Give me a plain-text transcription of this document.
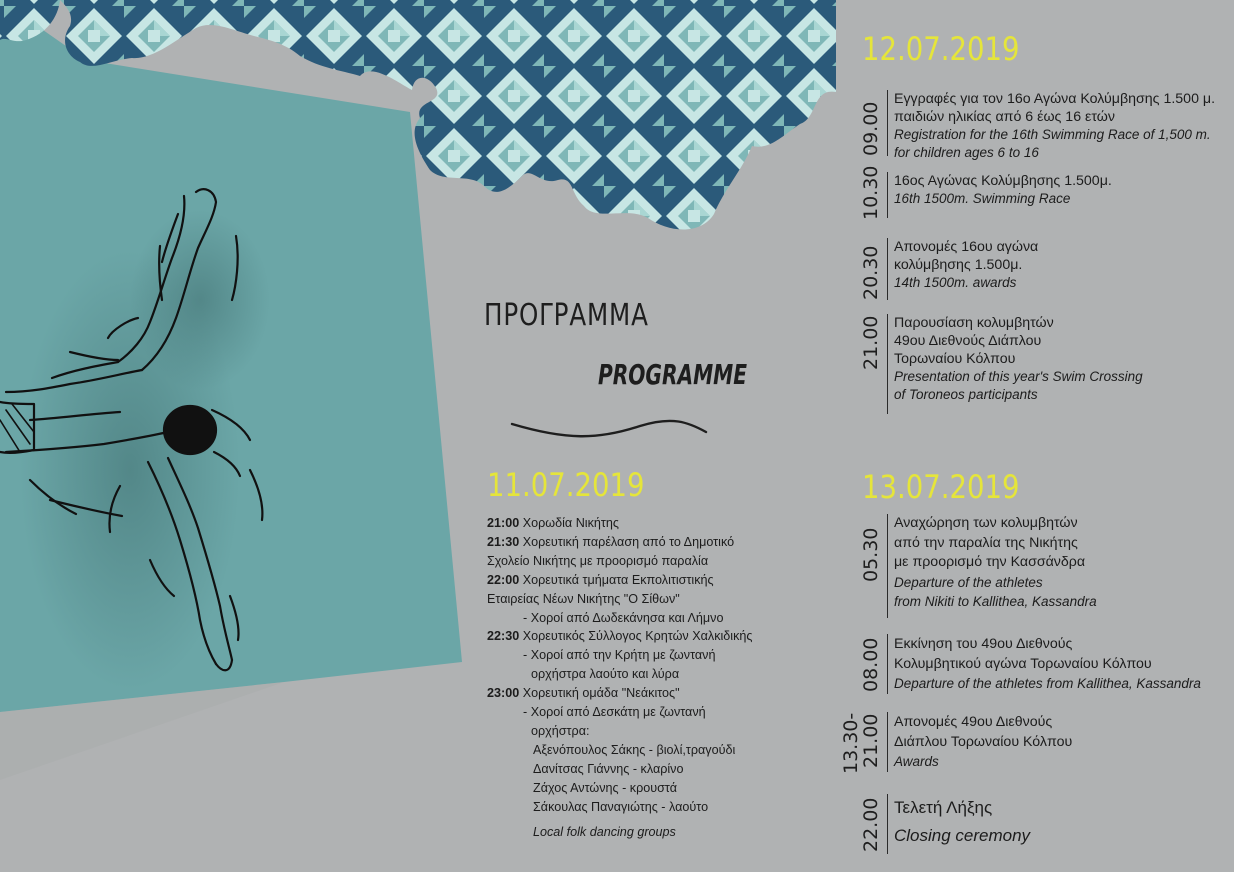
ΠΡΟΓΡΑΜΜΑ
PROGRAMME
11.07.2019
21:00 Χορωδία Νικήτης
21:30 Χορευτική παρέλαση από το Δημοτικό
Σχολείο Νικήτης με προορισμό παραλία
22:00 Χορευτικά τμήματα Εκπολιτιστικής
Εταιρείας Νέων Νικήτης "Ο Σίθων"
- Χοροί από Δωδεκάνησα και Λήμνο
22:30 Χορευτικός Σύλλογος Κρητών Χαλκιδικής
- Χοροί από την Κρήτη με ζωντανή
ορχήστρα λαούτο και λύρα
23:00 Χορευτική ομάδα "Νεάκιτος"
- Χοροί από Δεσκάτη με ζωντανή
ορχήστρα:
Αξενόπουλος Σάκης - βιολί,τραγούδι
Δανίτσας Γιάννης - κλαρίνο
Ζάχος Αντώνης - κρουστά
Σάκουλας Παναγιώτης - λαούτο
Local folk dancing groups
12.07.2019
09.00
Εγγραφές για τον 16ο Αγώνα Κολύμβησης 1.500 μ.
παιδιών ηλικίας από 6 έως 16 ετών
Registration for the 16th Swimming Race of 1,500 m.
for children ages 6 to 16
10.30 16ος Αγώνας Κολύμβησης 1.500μ.
16th 1500m. Swimming Race
20.30 Απονομές 16ου αγώνα
κολύμβησης 1.500μ.
14th 1500m. awards
21.00 Παρουσίαση κολυμβητών
49ου Διεθνούς Διάπλου
Τορωναίου Κόλπου
Presentation of this year's Swim Crossing
of Toroneos participants
13.07.2019
05.30
Αναχώρηση των κολυμβητών
από την παραλία της Νικήτης
με προορισμό την Κασσάνδρα
Departure of the athletes
from Nikiti to Kallithea, Kassandra
08.00 Εκκίνηση του 49ου Διεθνούς
Κολυμβητικού αγώνα Τορωναίου Κόλπου
Departure of the athletes from Kallithea, Kassandra
13.30-
21.00 Απονομές 49ου Διεθνούς
Διάπλου Τορωναίου Κόλπου
Awards
22.00 Τελετή Λήξης
Closing ceremony
